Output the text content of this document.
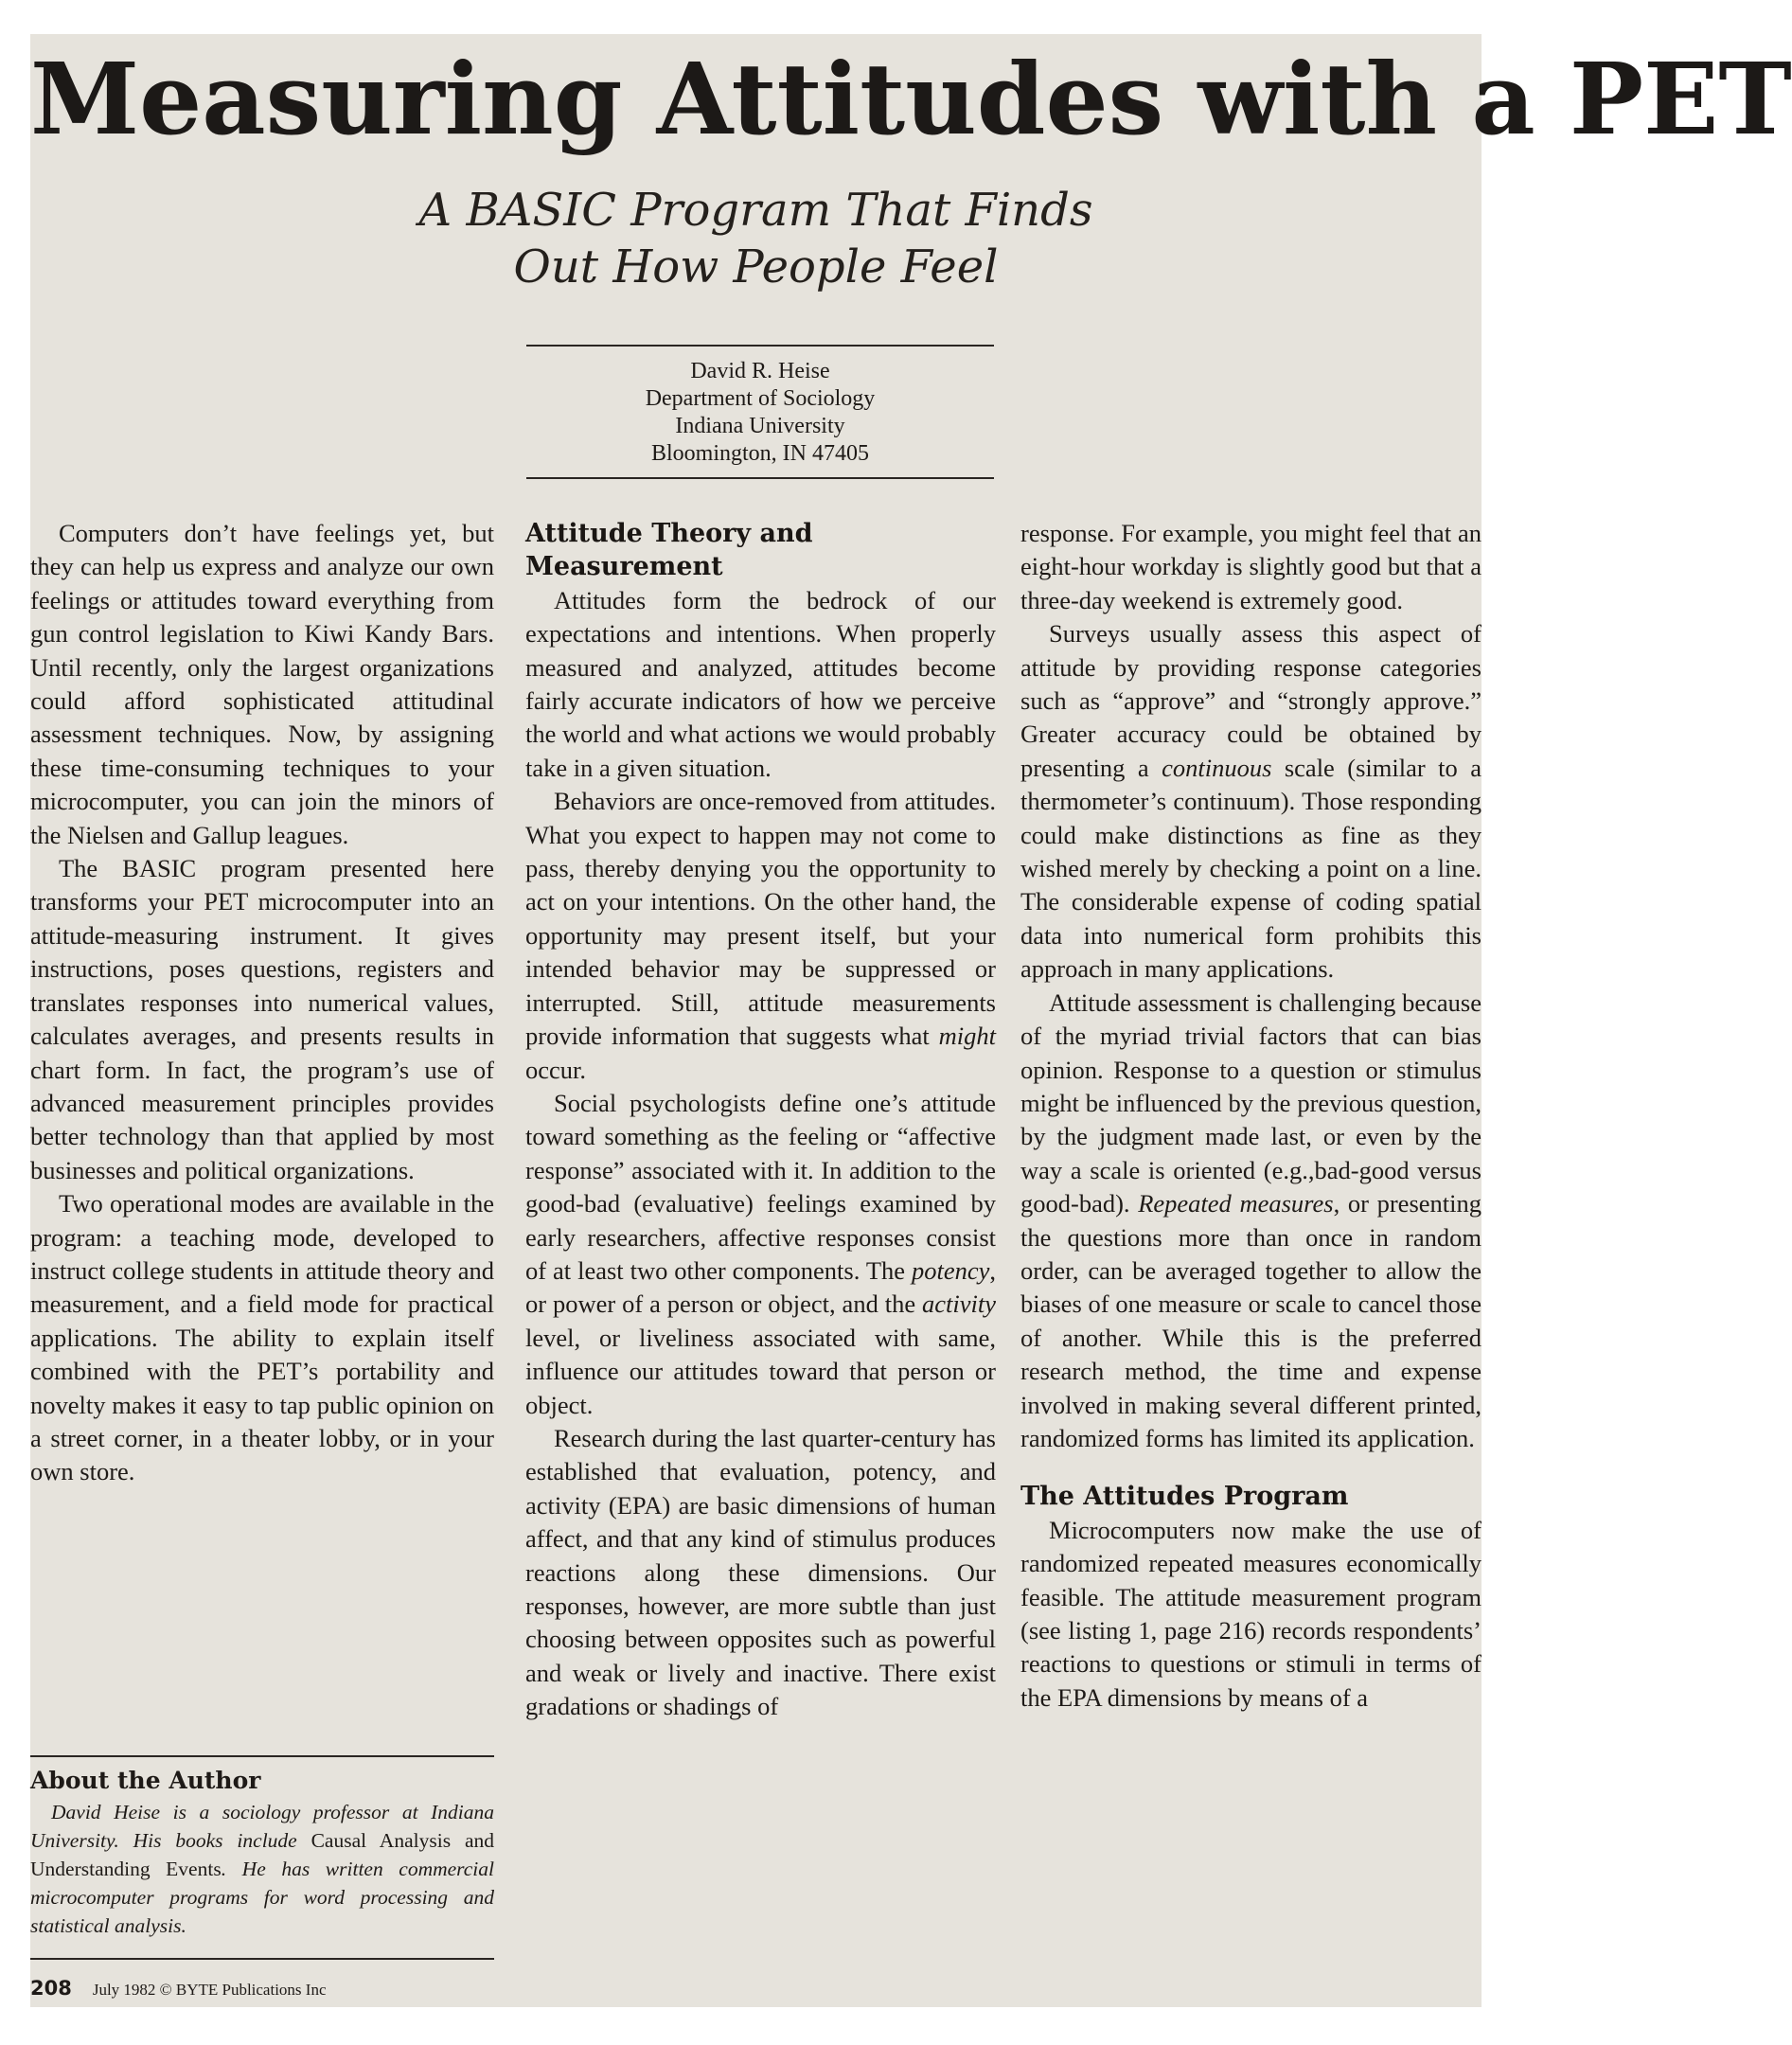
Measuring Attitudes with a PET
A BASIC Program That Finds
Out How People Feel
David R. Heise
Department of Sociology
Indiana University
Bloomington, IN 47405

Computers don’t have feelings yet, but they can help us express and analyze our own feelings or attitudes toward everything from gun control legislation to Kiwi Kandy Bars. Until recently, only the largest organizations could afford sophisticated attitudinal assessment techniques. Now, by assigning these time-consuming techniques to your microcomputer, you can join the minors of the Nielsen and Gallup leagues.

The BASIC program presented here transforms your PET microcomputer into an attitude-measuring instrument. It gives instructions, poses questions, registers and translates responses into numerical values, calculates averages, and presents results in chart form. In fact, the program’s use of advanced measurement principles provides better technology than that applied by most businesses and political organizations.

Two operational modes are available in the program: a teaching mode, developed to instruct college students in attitude theory and measurement, and a field mode for practical applications. The ability to explain itself combined with the PET’s portability and novelty makes it easy to tap public opinion on a street corner, in a theater lobby, or in your own store.

About the Author

David Heise is a sociology professor at Indiana University. His books include Causal Analysis and Understanding Events. He has written commercial microcomputer programs for word processing and statistical analysis.

Attitude Theory and Measurement

Attitudes form the bedrock of our expectations and intentions. When properly measured and analyzed, attitudes become fairly accurate indicators of how we perceive the world and what actions we would probably take in a given situation.

Behaviors are once-removed from attitudes. What you expect to happen may not come to pass, thereby denying you the opportunity to act on your intentions. On the other hand, the opportunity may present itself, but your intended behavior may be suppressed or interrupted. Still, attitude measurements provide information that suggests what might occur.

Social psychologists define one’s attitude toward something as the feeling or “affective response” associated with it. In addition to the good-bad (evaluative) feelings examined by early researchers, affective responses consist of at least two other components. The potency, or power of a person or object, and the activity level, or liveliness associated with same, influence our attitudes toward that person or object.

Research during the last quarter-century has established that evaluation, potency, and activity (EPA) are basic dimensions of human affect, and that any kind of stimulus produces reactions along these dimensions. Our responses, however, are more subtle than just choosing between opposites such as powerful and weak or lively and inactive. There exist gradations or shadings of

response. For example, you might feel that an eight-hour workday is slightly good but that a three-day weekend is extremely good.

Surveys usually assess this aspect of attitude by providing response categories such as “approve” and “strongly approve.” Greater accuracy could be obtained by presenting a continuous scale (similar to a thermometer’s continuum). Those responding could make distinctions as fine as they wished merely by checking a point on a line. The considerable expense of coding spatial data into numerical form prohibits this approach in many applications.

Attitude assessment is challenging because of the myriad trivial factors that can bias opinion. Response to a question or stimulus might be influenced by the previous question, by the judgment made last, or even by the way a scale is oriented (e.g.,bad-good versus good-bad). Repeated measures, or presenting the questions more than once in random order, can be averaged together to allow the biases of one measure or scale to cancel those of another. While this is the preferred research method, the time and expense involved in making several different printed, randomized forms has limited its application.

The Attitudes Program

Microcomputers now make the use of randomized repeated measures economically feasible. The attitude measurement program (see listing 1, page 216) records respondents’ reactions to questions or stimuli in terms of the EPA dimensions by means of a

208 July 1982 © BYTE Publications Inc
